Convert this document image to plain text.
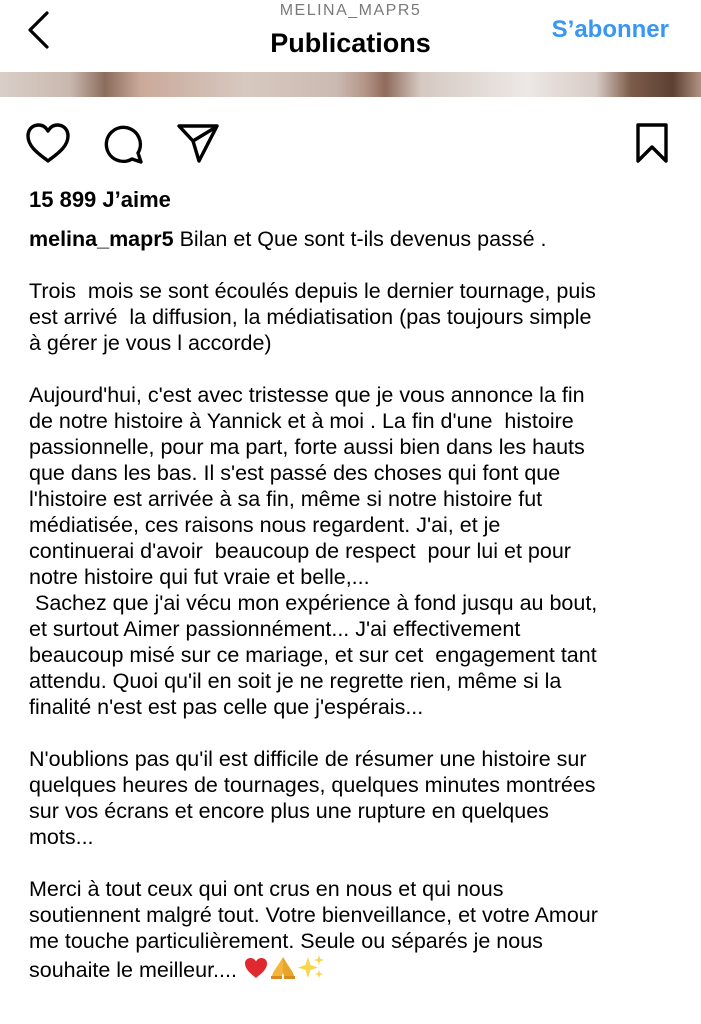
MELINA_MAPR5
Publications	S’abonner
15 899 J’aime
melina_mapr5 Bilan et Que sont t-ils devenus passé .

Trois  mois se sont écoulés depuis le dernier tournage, puis
est arrivé  la diffusion, la médiatisation (pas toujours simple
à gérer je vous l accorde)

Aujourd'hui, c'est avec tristesse que je vous annonce la fin
de notre histoire à Yannick et à moi . La fin d'une  histoire
passionnelle, pour ma part, forte aussi bien dans les hauts
que dans les bas. Il s'est passé des choses qui font que
l'histoire est arrivée à sa fin, même si notre histoire fut
médiatisée, ces raisons nous regardent. J'ai, et je
continuerai d'avoir  beaucoup de respect  pour lui et pour
notre histoire qui fut vraie et belle,...
Sachez que j'ai vécu mon expérience à fond jusqu au bout,
et surtout Aimer passionnément... J'ai effectivement
beaucoup misé sur ce mariage, et sur cet  engagement tant
attendu. Quoi qu'il en soit je ne regrette rien, même si la
finalité n'est est pas celle que j'espérais...

N'oublions pas qu'il est difficile de résumer une histoire sur
quelques heures de tournages, quelques minutes montrées
sur vos écrans et encore plus une rupture en quelques
mots...

Merci à tout ceux qui ont crus en nous et qui nous
soutiennent malgré tout. Votre bienveillance, et votre Amour
me touche particulièrement. Seule ou séparés je nous
souhaite le meilleur....
